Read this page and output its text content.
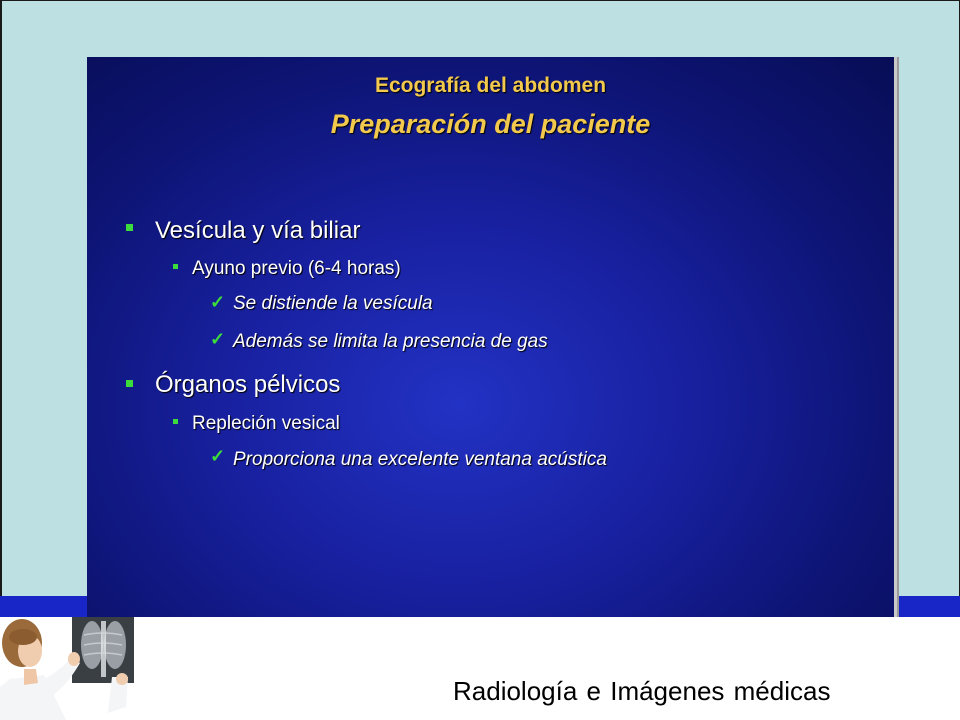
Ecografía del abdomen
Preparación del paciente
Vesícula y vía biliar
Ayuno previo (6-4 horas)
✓ Se distiende la vesícula
✓ Además se limita la presencia de gas
Órganos pélvicos
Repleción vesical
✓ Proporciona una excelente ventana acústica
Radiología e Imágenes médicas
